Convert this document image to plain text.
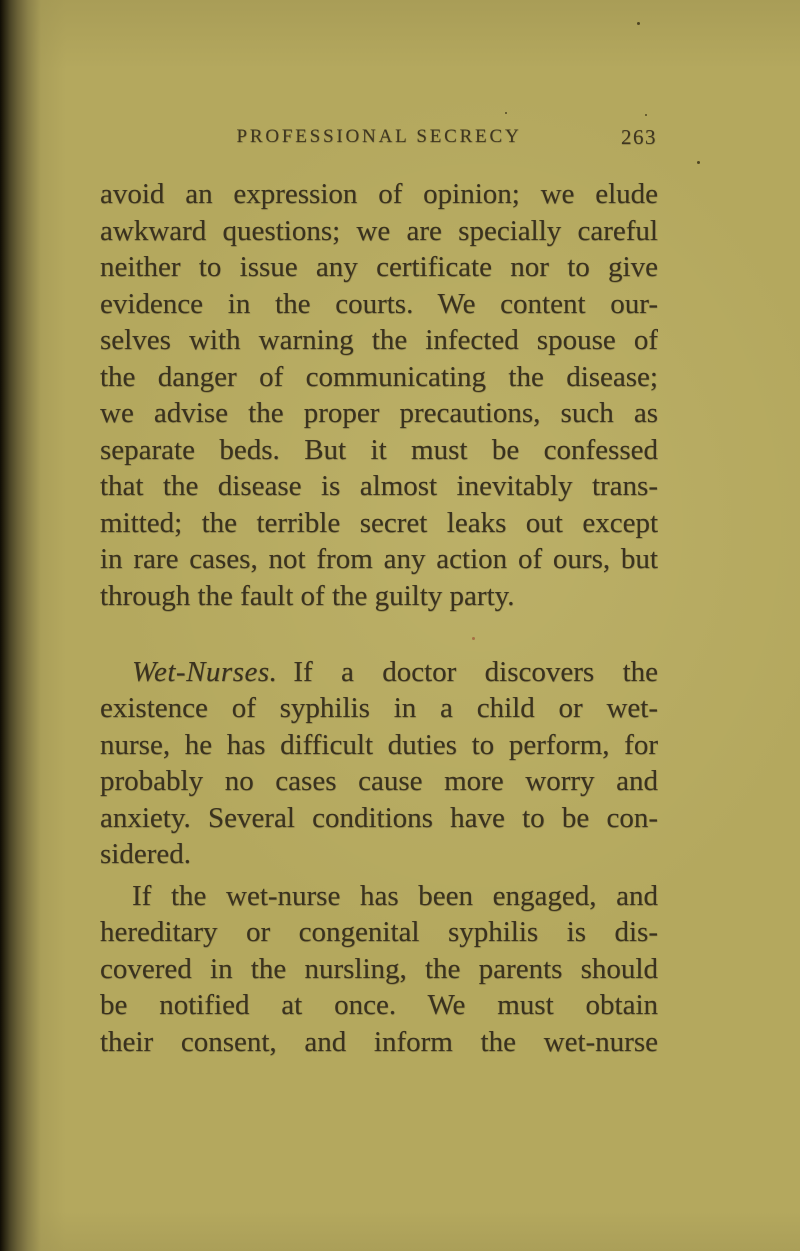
PROFESSIONAL SECRECY	263
avoid an expression of opinion; we elude
awkward questions; we are specially careful
neither to issue any certificate nor to give
evidence in the courts. We content our-
selves with warning the infected spouse of
the danger of communicating the disease;
we advise the proper precautions, such as
separate beds. But it must be confessed
that the disease is almost inevitably trans-
mitted; the terrible secret leaks out except
in rare cases, not from any action of ours, but
through the fault of the guilty party.
Wet-Nurses. If a doctor discovers the
existence of syphilis in a child or wet-
nurse, he has difficult duties to perform, for
probably no cases cause more worry and
anxiety. Several conditions have to be con-
sidered.
If the wet-nurse has been engaged, and
hereditary or congenital syphilis is dis-
covered in the nursling, the parents should
be notified at once. We must obtain
their consent, and inform the wet-nurse
